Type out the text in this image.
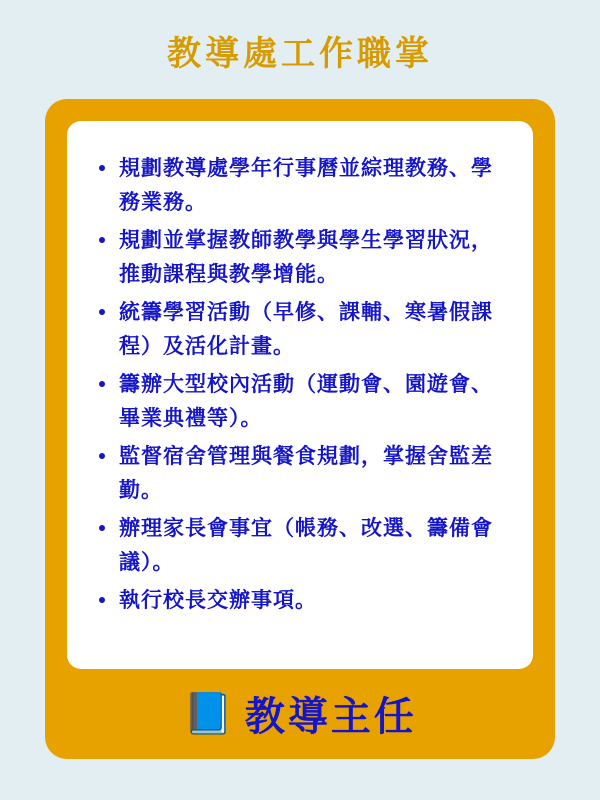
教導處工作職掌
規劃教導處學年行事曆並綜理教務、學務業務。
規劃並掌握教師教學與學生學習狀況，推動課程與教學增能。
統籌學習活動（早修、課輔、寒暑假課程）及活化計畫。
籌辦大型校內活動（運動會、園遊會、畢業典禮等）。
監督宿舍管理與餐食規劃，掌握舍監差勤。
辦理家長會事宜（帳務、改選、籌備會議）。
執行校長交辦事項。
📘 教導主任
